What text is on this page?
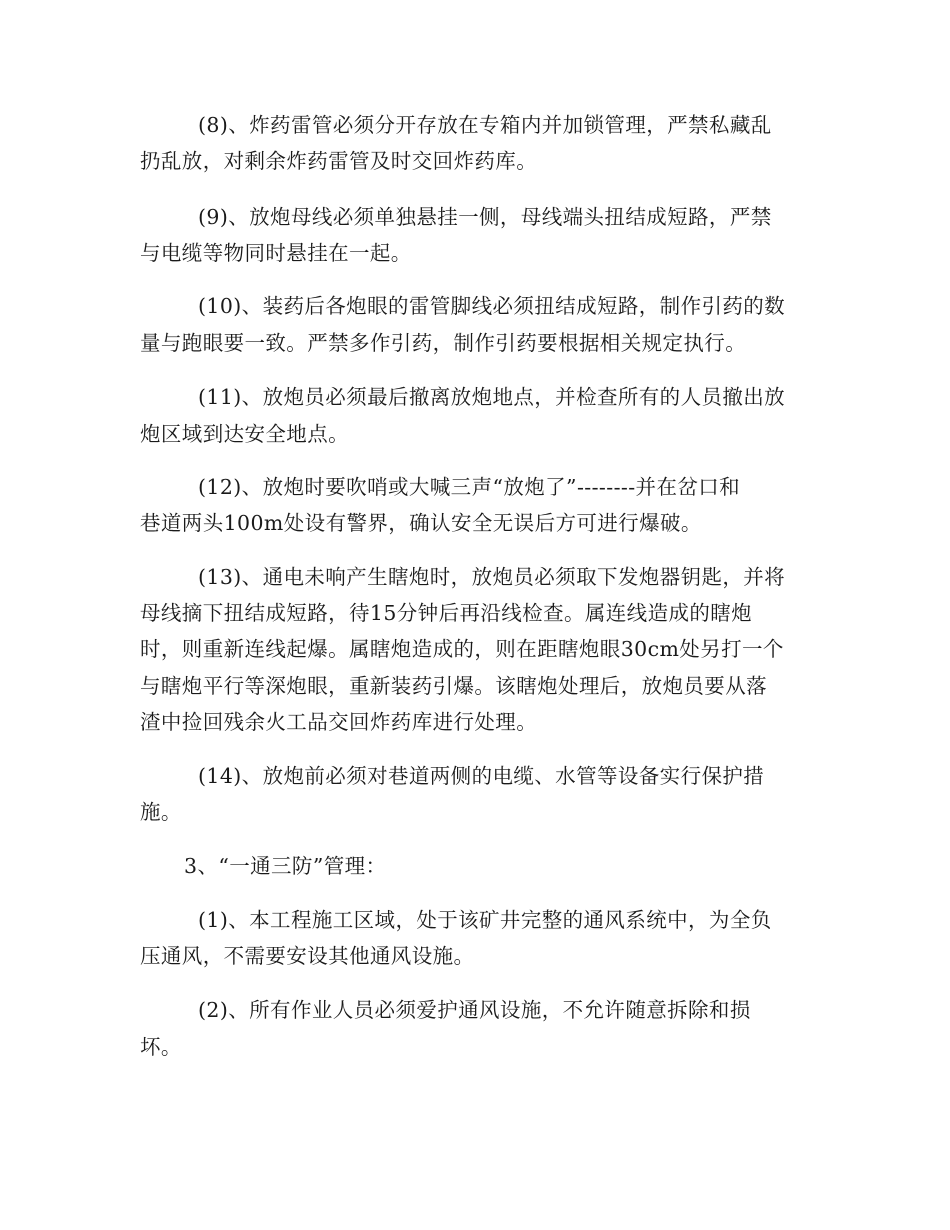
(8)、炸药雷管必须分开存放在专箱内并加锁管理，严禁私藏乱
扔乱放，对剩余炸药雷管及时交回炸药库。
(9)、放炮母线必须单独悬挂一侧，母线端头扭结成短路，严禁
与电缆等物同时悬挂在一起。
(10)、装药后各炮眼的雷管脚线必须扭结成短路，制作引药的数
量与跑眼要一致。严禁多作引药，制作引药要根据相关规定执行。
(11)、放炮员必须最后撤离放炮地点，并检查所有的人员撤出放
炮区域到达安全地点。
(12)、放炮时要吹哨或大喊三声“放炮了”--------并在岔口和
巷道两头100m处设有警界，确认安全无误后方可进行爆破。
(13)、通电未响产生瞎炮时，放炮员必须取下发炮器钥匙，并将
母线摘下扭结成短路，待15分钟后再沿线检查。属连线造成的瞎炮
时，则重新连线起爆。属瞎炮造成的，则在距瞎炮眼30cm处另打一个
与瞎炮平行等深炮眼，重新装药引爆。该瞎炮处理后，放炮员要从落
渣中捡回残余火工品交回炸药库进行处理。
(14)、放炮前必须对巷道两侧的电缆、水管等设备实行保护措
施。
3、“一通三防”管理：
(1)、本工程施工区域，处于该矿井完整的通风系统中，为全负
压通风，不需要安设其他通风设施。
(2)、所有作业人员必须爱护通风设施，不允许随意拆除和损
坏。
